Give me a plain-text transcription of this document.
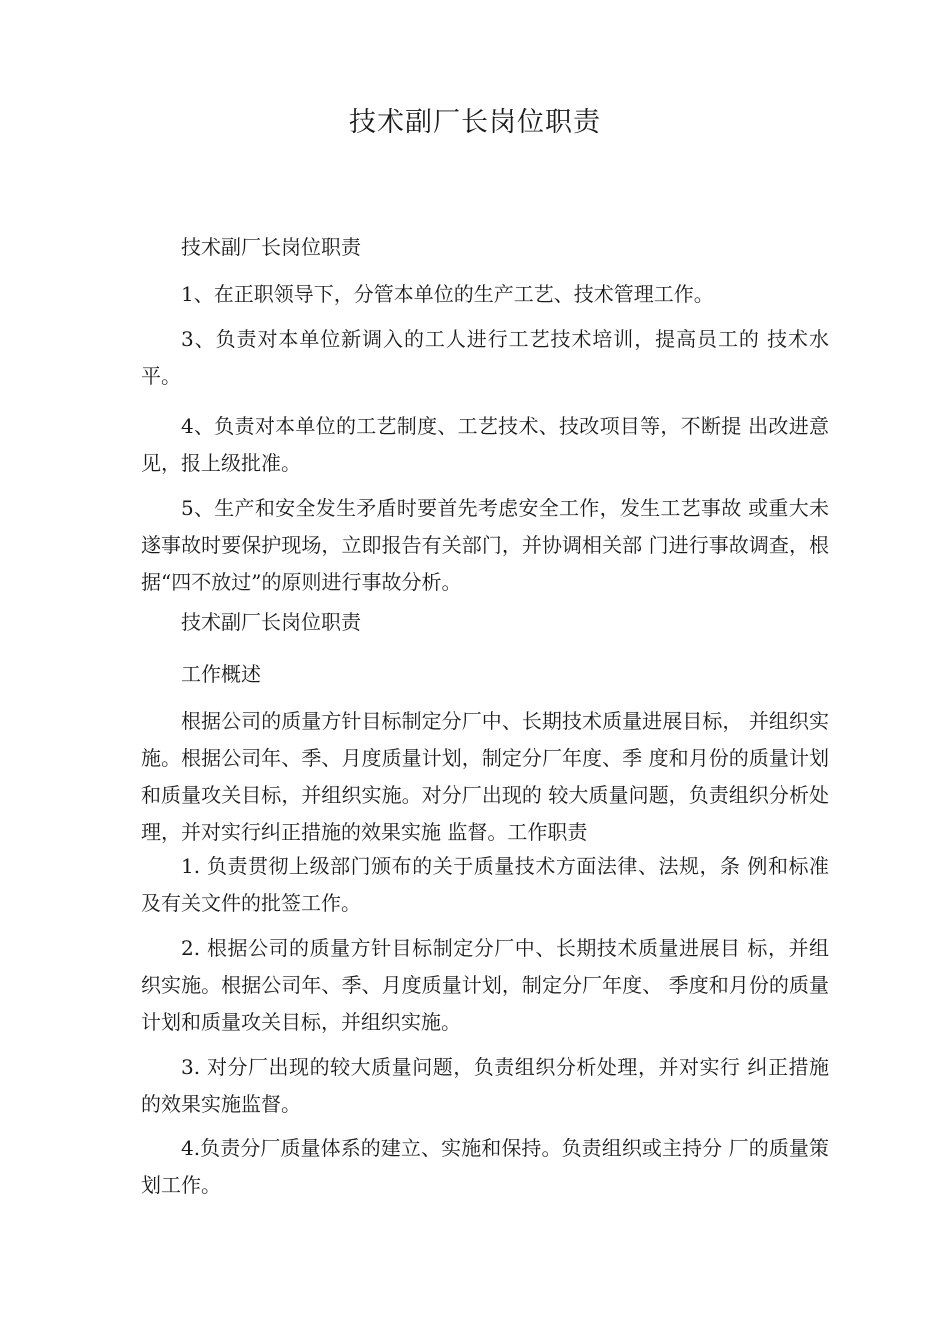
技术副厂长岗位职责

技术副厂长岗位职责

1、在正职领导下，分管本单位的生产工艺、技术管理工作。

3、负责对本单位新调入的工人进行工艺技术培训，提高员工的 技术水平。

4、负责对本单位的工艺制度、工艺技术、技改项目等，不断提 出改进意见，报上级批准。

5、生产和安全发生矛盾时要首先考虑安全工作，发生工艺事故 或重大未遂事故时要保护现场，立即报告有关部门，并协调相关部 门进行事故调查，根据“四不放过”的原则进行事故分析。

技术副厂长岗位职责

工作概述

根据公司的质量方针目标制定分厂中、长期技术质量进展目标， 并组织实施。根据公司年、季、月度质量计划，制定分厂年度、季 度和月份的质量计划和质量攻关目标，并组织实施。对分厂出现的 较大质量问题，负责组织分析处理，并对实行纠正措施的效果实施 监督。工作职责

1. 负责贯彻上级部门颁布的关于质量技术方面法律、法规，条 例和标准及有关文件的批签工作。

2. 根据公司的质量方针目标制定分厂中、长期技术质量进展目 标，并组织实施。根据公司年、季、月度质量计划，制定分厂年度、 季度和月份的质量计划和质量攻关目标，并组织实施。

3. 对分厂出现的较大质量问题，负责组织分析处理，并对实行 纠正措施的效果实施监督。

4.负责分厂质量体系的建立、实施和保持。负责组织或主持分 厂的质量策划工作。
